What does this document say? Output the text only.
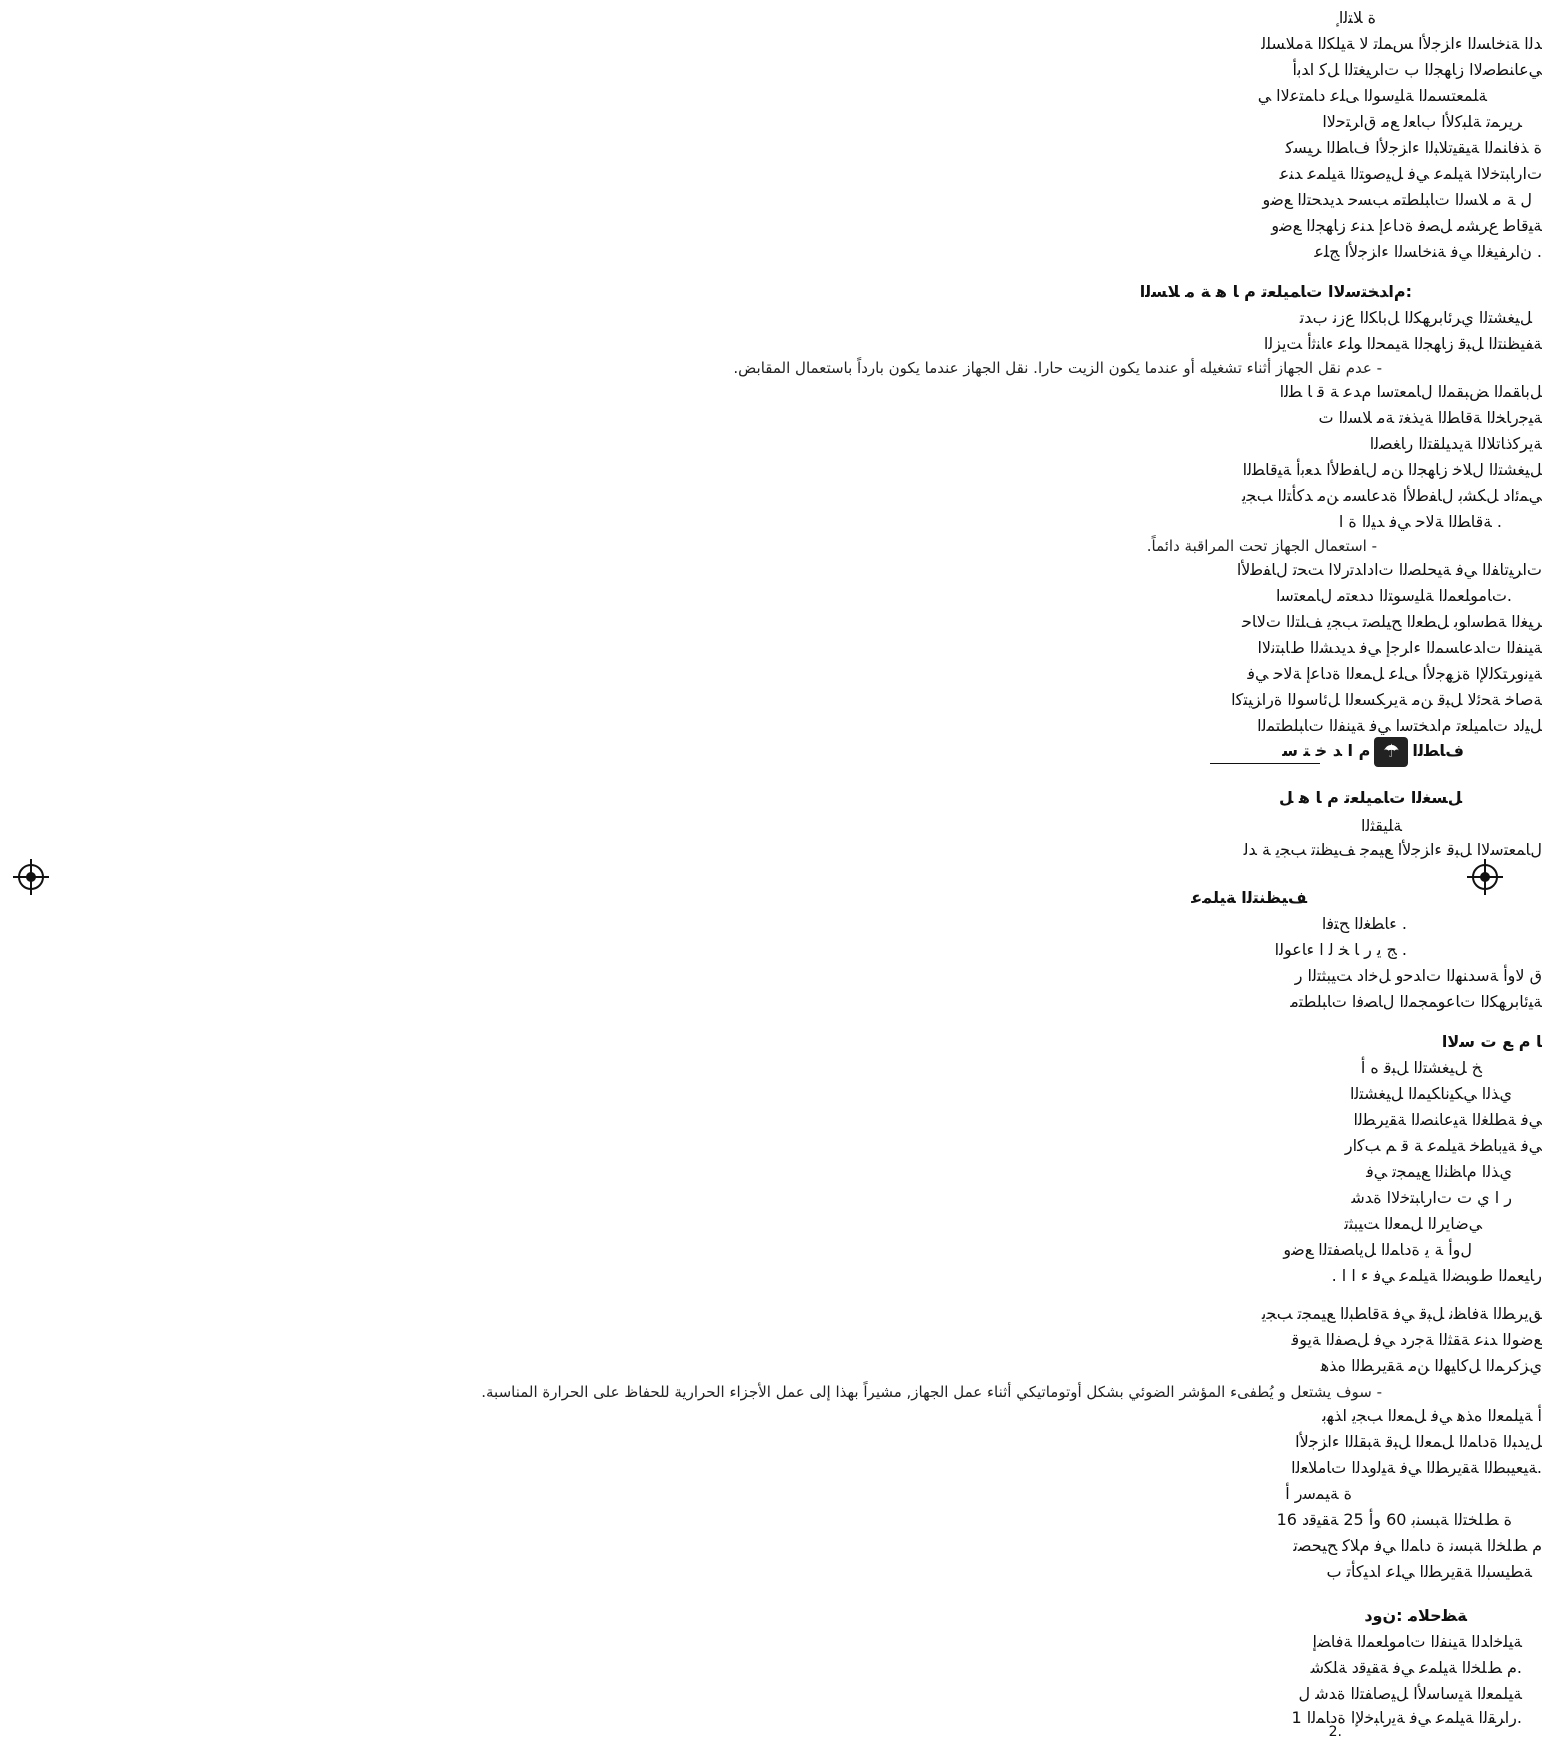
ﺓ ﻼﺘﻟﺍ ٕ
ﺪﻟﺍ ﺔﻨﺧﺎﺴﻟﺍ ﺀﺍﺰﺟﻷﺍ ﺲﻤﻠﺗ ﻻ ﺔﻴﻠﻜﻟﺍ ﺔﻣﻼﺴﻠﻟ
ﻲﻋﺎﻨﻄﺻﻻﺍ ﺯﺎﻬﺠﻟﺍ ﺏ ﺕﺍﺮﻴﻐﺘﻟﺍ ﻞﻛ ﺍﺪﺑﺃ
ﺔﻠﻤﻌﺘﺴﻤﻟﺍ ﺔﻠﻴﺳﻮﻟﺍ ﻰﻠﻋ ﺩﺎﻤﺘﻋﻻﺍ ﻲ
ﺮﻳﺮﻤﺗ ﺔﻠﺒﻛﻷﺍ ﺏﺎﻌﻟ ﻊﻣ ﻕﺍﺮﺘﺣﻻﺍ
ﺓ ﺬﻓﺎﻨﻤﻟﺍ ﺔﻴﻘﻴﺗﻼﺒﻟﺍ ﺀﺍﺰﺟﻷﺍ ﻑﺎﻄﻟﺍ ﺮﻴﺴﻛ
ﺕﺍﺭﺎﺒﺘﺧﻻﺍ ﺔﻴﻠﻤﻋ ﻲﻓ ﻞﻴﺻﻮﺘﻟﺍ ﺔﻴﻠﻤﻋ ﺪﻨﻋ
ﻝ ﺔ ﻣ ﻼﺴﻟﺍ ﺕﺎﺒﻠﻄﺘﻣ ﺐﺴﺣ ﺪﻳﺪﺤﺘﻟﺍ ﻊﺿﻭ
ﺔﻴﻗﺎﻃ ﻉﺮﺸﻣ ﻞﺼﻓ ﺓﺩﺎﻋﺇ ﺪﻨﻋ ﺯﺎﻬﺠﻟﺍ ﻊﺿﻭ
. ﻥﺍﺮﻔﻴﻐﻟﺍ ﻲﻓ ﺔﻨﺧﺎﺴﻟﺍ ﺀﺍﺰﺟﻷﺍ ﺞﻠﻋ
:ﻡﺍﺪﺨﺘﺳﻻﺍ ﺕﺎﻤﻴﻠﻌﺗ ﻡ ﺎ ﻫ ﺔ ﻣ ﻼﺴﻟﺍ
ﻞﻴﻐﺸﺘﻟﺍ ﻱﺮﺋﺎﺑﺮﻬﻜﻟﺍ ﻞﺑﺎﻜﻟﺍ ﻉﺯﻧ ﺏﺪﺗ
ﺔﻔﻴﻈﻨﺘﻟﺍ ﻞﺒﻗ ﺯﺎﻬﺠﻟﺍ ﺔﻴﻤﺤﻟﺍ ﻮﻠﻋ ﺀﺎﻨﺛﺃ ﺖﻳﺰﻟﺍ
- عدم نقل الجهاز أثناء تشغيله أو عندما يكون الزيت حارا. نقل الجهاز عندما يكون بارداً باستعمال المقابض.
ﻞﺑﺎﻘﻤﻟﺍ ﺾﺒﻘﻤﻟﺍ ﻝﺎﻤﻌﺘﺳﺍ ﻡﺪﻋ ﺔ ﻗ ﺎ ﻄﻟﺍ
ﺔﻴﺟﺭﺎﺨﻟﺍ ﺔﻗﺎﻄﻟﺍ ﺔﻳﺬﻐﺗ ﺔﻣ ﻼﺴﻟﺍ ﺕ
ﺔﻳﺮﻛﺫﺎﺗﻼﻟﺍ ﺔﻳﺪﻴﻠﻘﺘﻟﺍ ﺭﺎﻐﺼﻟﺍ
ﻞﻴﻐﺸﺘﻟﺍ ﻝﻼﺧ ﺯﺎﻬﺠﻟﺍ ﻦﻣ ﻝﺎﻔﻃﻷﺍ ﺪﻌﺑﺃ ﺔﻴﻗﺎﻄﻟﺍ
ﻲﻤﺋﺍﺩ ﻞﻜﺸﺑ ﻝﺎﻔﻃﻷﺍ ﺓﺪﻋﺎﺴﻣ ﻦﻣ ﺪﻛﺄﺘﻟﺍ ﺐﺠﻳ
. ﺔﻗﺎﻄﻟﺍ ﺔﻟﺎﺣ ﻲﻓ ﺪﻴﻟﺍ ﺓ ﺍ
- استعمال الجهاز تحت المراقبة دائماً.
ﺕﺍﺮﻴﺗﺎﻔﻟﺍ ﻲﻓ ﺔﻴﺤﻠﺼﻟﺍ ﺕﺍﺩﺍﺪﺗﺭﻻﺍ ﺖﺤﺗ ﻝﺎﻔﻃﻷﺍ
.ﺕﺎﻣﻮﻠﻌﻤﻟﺍ ﺔﻠﻴﺳﻮﺘﻟﺍ ﺩﺪﻌﺘﻣ ﻝﺎﻤﻌﺘﺳﺍ
ﺮﻴﻐﻟﺍ ﺔﻄﺳﺍﻮﺑ ﻞﻄﻌﻟﺍ ﺢﻴﻠﺼﺗ ﺐﺠﻳ ﻒﻠﺘﻟﺍ ﺕﻻﺎﺣ
ﺔﻴﻨﻔﻟﺍ ﺕﺍﺪﻋﺎﺴﻤﻟﺍ ﺀﺍﺮﺟﺇ ﻲﻓ ﺪﻳﺪﺸﻟﺍ ﻁﺎﺒﺘﻧﻻﺍ
ﺔﻴﻧﻭﺮﺘﻜﻟﻹﺍ ﺓﺰﻬﺟﻷﺍ ﻰﻠﻋ ﻞﻤﻌﻟﺍ ﺓﺩﺎﻋﺇ ﺔﻟﺎﺣ ﻲﻓ
ﺔﺻﺎﺧ ﺔﺤﺋﻻ ﻞﺒﻗ ﻦﻣ ﺔﻳﺮﻜﺴﻌﻟﺍ ﻞﺋﺎﺳﻮﻟﺍ ﺓﺭﺍﺰﻴﺘﻛﺍ
ﻞﻴﻟﺩ ﺕﺎﻤﻴﻠﻌﺗ ﻡﺍﺪﺨﺘﺳﺍ ﻲﻓ ﺔﻴﻨﻔﻟﺍ ﺕﺎﺒﻠﻄﺘﻤﻟﺍ
ﻑﺎﻄﻟﺍ☂ﻡ ﺍ ﺪ ﺧ ﺘ ﺳ
ﻞﺴﻐﻟﺍ ﺕﺎﻤﻴﻠﻌﺗ ﻡ ﺎ ﻫ ﻞ
ﺔﻠﻴﻘﺜﻟﺍ
ﻝﺎﻤﻌﺘﺳﻻﺍ ﻞﺒﻗ ﺀﺍﺰﺟﻷﺍ ﻊﻴﻤﺟ ﻒﻴﻈﻨﺗ ﺐﺠﻳ ﺔ ﺪﻟ
ﻒﻴﻈﻨﺘﻟﺍ ﺔﻴﻠﻤﻋ
. ﺀﺎﻄﻐﻟﺍ ﺢﺘﻓﺍ
. ﺞ ﻳ ﺭ ﺎ ﺨ ﻟ ﺍ ﺀﺎﻋﻮﻟﺍ
ﻕ ﻻﻭﺃ ﺔﺳﺪﻨﻬﻟﺍ ﺕﺍﺪﺣﻭ ﻞﺧﺍﺩ ﺖﻴﺒﺜﺘﻟﺍ ﺭ
ﺔﻴﺋﺎﺑﺮﻬﻜﻟﺍ ﺕﺎﻋﻮﻤﺠﻤﻟﺍ ﻝﺎﺼﻓﺍ ﺕﺎﺒﻠﻄﺘﻣ
ﺎ ﻡ ﻊ ﺕ ﺳﻻﺍ
ﺦ ﻞﻴﻐﺸﺘﻟﺍ ﻞﺒﻗ ﻩ ﺃ
ﻱﺬﻟﺍ ﻲﻜﻴﻧﺎﻜﻴﻤﻟﺍ ﻞﻴﻐﺸﺘﻟﺍ
ﻲﻓ ﺔﻄﻠﻐﻟﺍ ﺔﻴﻋﺎﻨﺼﻟﺍ ﺔﻘﻳﺮﻄﻟﺍ
ﻲﻓ ﺔﻴﺑﺎﻄﺧ ﺔﻴﻠﻤﻋ ﺔ ﻗ ﻢ ﺐﻛﺍﺭ
ﻱﺬﻟﺍ ﻡﺎﻈﻨﻟﺍ ﻊﻴﻤﺠﺗ ﻲﻓ
ﺭ ﺍ ﻱ ﺕ ﺕﺍﺭﺎﺒﺘﺧﻻﺍ ﺓﺪﺷ
ﻲﺿﺎﻳﺮﻟﺍ ﻞﻤﻌﻟﺍ ﺖﻴﺒﺜﺗ
ﻝﻭﺃ ﺔ ﻳ ﺓﺩﺎﻤﻟﺍ ﻞﻳﺎﺼﻔﺘﻟﺍ ﻊﺿﻭ
ﺭﺎﻴﻌﻤﻟﺍ ﻁﻮﺒﻀﻟﺍ ﺔﻴﻠﻤﻋ ﻲﻓ ﺀ ﺍ ﺍ .
ﻖﻳﺮﻄﻟﺍ ﺔﻓﺎﻈﻧ ﻞﺒﻗ ﻲﻓ ﺔﻗﺎﻄﺒﻟﺍ ﻊﻴﻤﺠﺗ ﺐﺠﻳ
ﻊﺿﻮﻟﺍ ﺪﻨﻋ ﺔﻘﺜﻟﺍ ﺔﺟﺭﺩ ﻲﻓ ﻞﺼﻔﻟﺍ ﺔﻳﻮﻗ
ﻱﺰﻛﺮﻤﻟﺍ ﻞﻛﺎﻴﻬﻟﺍ ﻦﻣ ﺔﻘﻳﺮﻄﻟﺍ ﻩﺬﻫ
- سوف يشتعل و يُطفىء المؤشر الضوئي بشكل أوتوماتيكي أثناء عمل الجهاز, مشيراً بهذا إلى عمل الأجزاء الحرارية للحفاظ على الحرارة المناسبة.
ﺃ ﺔﻴﻠﻤﻌﻟﺍ ﻩﺬﻫ ﻲﻓ ﻞﻤﻌﻟﺍ ﺐﺠﻳ ﺍﺬﻬﺑ
ﻞﻳﺪﺒﻟﺍ ﺓﺩﺎﻤﻟﺍ ﻞﻤﻌﻟﺍ ﻞﺒﻗ ﺔﺒﻘﻠﻟﺍ ﺀﺍﺰﺟﻷﺍ
.ﺔﻴﻌﻴﺒﻄﻟﺍ ﺔﻘﻳﺮﻄﻟﺍ ﻲﻓ ﺔﻴﻟﻭﺪﻟﺍ ﺕﺎﻣﻼﻌﻟﺍ
ﺓ ﺔﻴﻤﺳﺭ ﺃ
ﺓ ﻂﻠﺨﺘﻟﺍ ﺔﺒﺴﻨﺑ 60 ﻭﺃ 25 ﺔﻘﻴﻗﺩ 16
ﻡ ﻂﻠﺨﻟﺍ ﺔﺒﺴﻧ ﺓ ﺩﺎﻤﻟﺍ ﻲﻓ ﻡﻼﻛ ﺢﻴﺤﺼﺗ
ﺔﻄﻴﺴﺒﻟﺍ ﺔﻘﻳﺮﻄﻟﺍ ﻲﻠﻋ ﺍﺪﻴﻛﺄﺗ ﺏ
ﺔﻈﺣﻼﻣ :ﻥﻭﺩ
ﺔﻴﻠﺧﺍﺪﻟﺍ ﺔﻴﻨﻔﻟﺍ ﺕﺎﻣﻮﻠﻌﻤﻟﺍ ﺔﻓﺎﻀﺇ
.ﻡ ﻂﻠﺨﻟﺍ ﺔﻴﻠﻤﻋ ﻲﻓ ﺔﻘﻴﻗﺩ ﺔﻠﻜﺷ
ﺔﻴﻠﻤﻌﻟﺍ ﺔﻴﺳﺎﺳﻷﺍ ﻞﻴﺻﺎﻔﺘﻟﺍ ﺓﺪﺷ ﻝ
.ﺭﺍﺮﻘﻟﺍ ﺔﻴﻠﻤﻋ ﻲﻓ ﺔﻳﺭﺎﺒﺧﻹﺍ ﺓﺩﺎﻤﻟﺍ 1
.2
